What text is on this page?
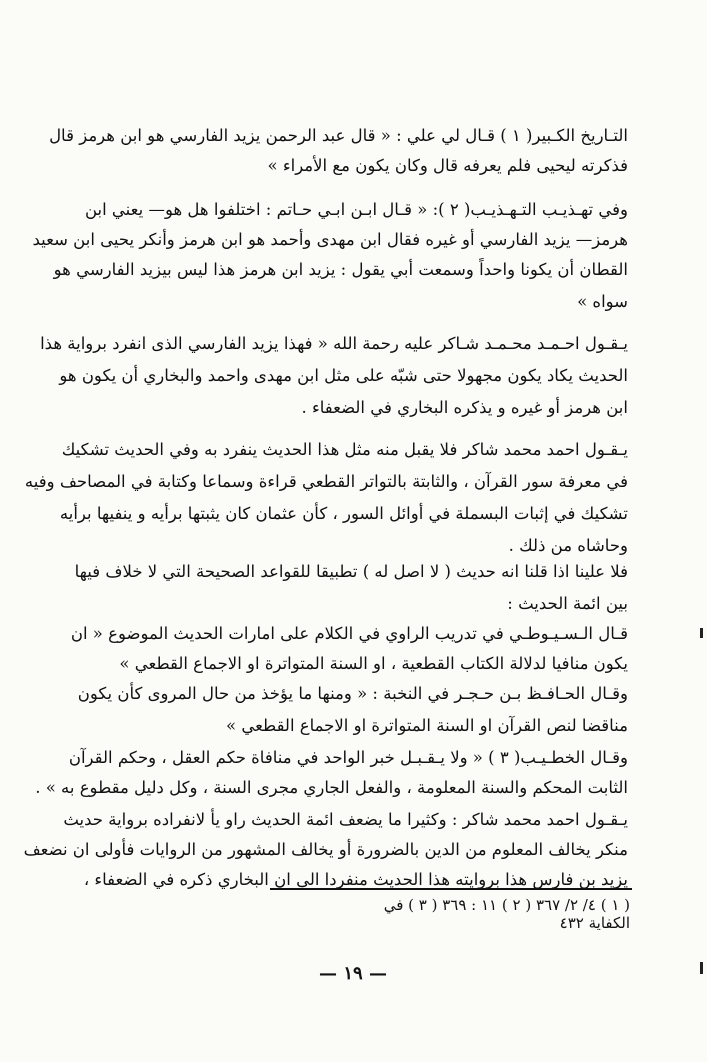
التـاريخ الكـبير( ١ ) قـال لي علي : « قال عبد الرحمن يزيد الفارسي هو ابن هرمز قال
فذكرته ليحيى فلم يعرفه قال وكان يكون مع الأمراء »
وفي تهـذيـب التـهـذيـب( ٢ ): « قـال ابـن ابـي حـاتم : اختلفوا هل هو— يعني ابن
هرمز— يزيد الفارسي أو غيره فقال ابن مهدى وأحمد هو ابن هرمز وأنكر يحيى ابن سعيد
القطان أن يكونا واحداً وسمعت أبي يقول : يزيد ابن هرمز هذا ليس بيزيد الفارسي هو
سواه »
يـقـول احـمـد محـمـد شـاكر عليه رحمة الله « فهذا يزيد الفارسي الذى انفرد برواية هذا
الحديث يكاد يكون مجهولا حتى شبّه على مثل ابن مهدى واحمد والبخاري أن يكون هو
ابن هرمز أو غيره و يذكره البخاري في الضعفاء .
يـقـول احمد محمد شاكر فلا يقبل منه مثل هذا الحديث ينفرد به وفي الحديث تشكيك
في معرفة سور القرآن ، والثابتة بالتواتر القطعي قراءة وسماعا وكتابة في المصاحف وفيه
تشكيك في إثبات البسملة في أوائل السور ، كأن عثمان كان يثبتها برأيه و ينفيها برأيه
وحاشاه من ذلك .
فلا علينا اذا قلنا انه حديث ( لا اصل له ) تطبيقا للقواعد الصحيحة التي لا خلاف فيها
بين ائمة الحديث :
قـال الـسـيـوطـي في تدريب الراوي في الكلام على امارات الحديث الموضوع « ان
يكون منافيا لدلالة الكتاب القطعية ، او السنة المتواترة او الاجماع القطعي »
وقـال الحـافـظ بـن حـجـر في النخبة : « ومنها ما يؤخذ من حال المروى كأن يكون
مناقضا لنص القرآن او السنة المتواترة او الاجماع القطعي »
وقـال الخطـيـب( ٣ ) « ولا يـقـبـل خبر الواحد في منافاة حكم العقل ، وحكم القرآن
الثابت المحكم والسنة المعلومة ، والفعل الجاري مجرى السنة ، وكل دليل مقطوع به » .
يـقـول احمد محمد شاكر : وكثيرا ما يضعف ائمة الحديث راو يأ لانفراده برواية حديث
منكر يخالف المعلوم من الدين بالضرورة أو يخالف المشهور من الروايات فأولى ان نضعف
يزيد بن فارس هذا بروايته هذا الحديث منفردا الى ان البخاري ذكره في الضعفاء ،
( ١ ) ٤/ ٢/ ٣٦٧ ( ٢ ) ١١ : ٣٦٩ ( ٣ ) في الكفاية ٤٣٢
— ١٩ —
